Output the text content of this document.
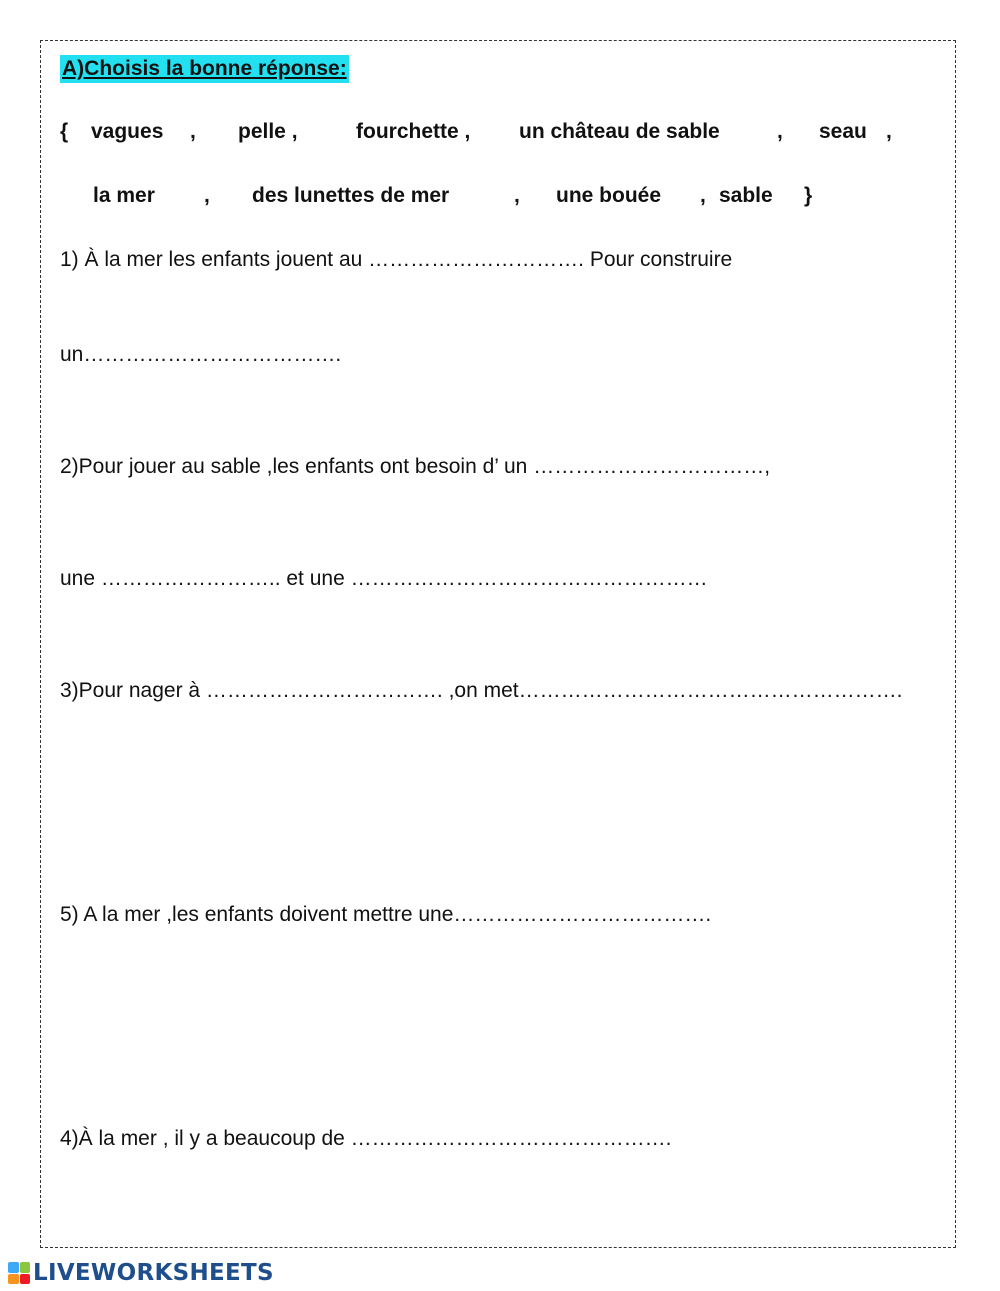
A)Choisis la bonne réponse:
{ vagues , pelle ,	fourchette , un château de sable	, seau ,
la mer , des lunettes de mer	, une bouée , sable }
1) À la mer les enfants jouent au …………………………. Pour construire
un……………………………….
2)Pour jouer au sable ,les enfants ont besoin d’ un ……………………………,
une …………………….. et une ……………………………………………
3)Pour nager à ……………………………. ,on met……………………………………………….
5) A la mer ,les enfants doivent mettre une……………………………….
4)À la mer , il y a beaucoup de ……………………………………….
LIVEWORKSHEETS
